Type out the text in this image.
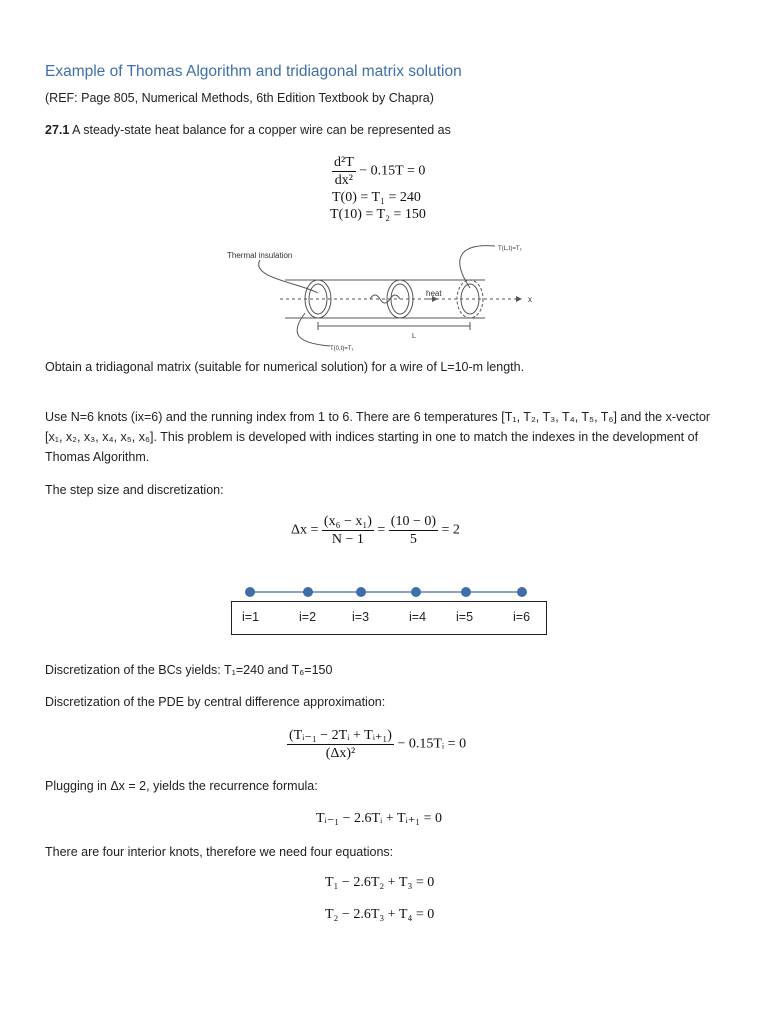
Example of Thomas Algorithm and tridiagonal matrix solution
(REF: Page 805, Numerical Methods, 6th Edition Textbook by Chapra)
27.1 A steady-state heat balance for a copper wire can be represented as
$\frac{\text{d²T}}{\text{dx²}} - 0.15T = 0$
T(0) = T₁ = 240
T(10) = T₂ = 150
Thermal insulation
heat
T(L,t)=T₂
T(0,t)=T₁
L
x
Obtain a tridiagonal matrix (suitable for numerical solution) for a wire of L=10-m length.
Use N=6 knots (ix=6) and the running index from 1 to 6. There are 6 temperatures [T₁, T₂, T₃, T₄, T₅, T₆] and the x-vector [x₁, x₂, x₃, x₄, x₅, x₆]. This problem is developed with indices starting in one to match the indexes in the development of Thomas Algorithm.
The step size and discretization:
$\Delta x = \frac{\text{(x₆ − x₁)}}{N - 1} = \frac{(10 - 0)}{5} = 2$
i=1	i=2	i=3	i=4 i=5	i=6
Discretization of the BCs yields: T₁=240 and T₆=150
Discretization of the PDE by central difference approximation:
$\frac{\text{(Tᵢ₋₁ − 2Tᵢ + Tᵢ₊₁)}}{\text{(Δx)²}}$ − 0.15Tᵢ = 0
Plugging in Δx = 2, yields the recurrence formula:
Tᵢ₋₁ − 2.6Tᵢ + Tᵢ₊₁ = 0
There are four interior knots, therefore we need four equations:
T₁ − 2.6T₂ + T₃ = 0
T₂ − 2.6T₃ + T₄ = 0
